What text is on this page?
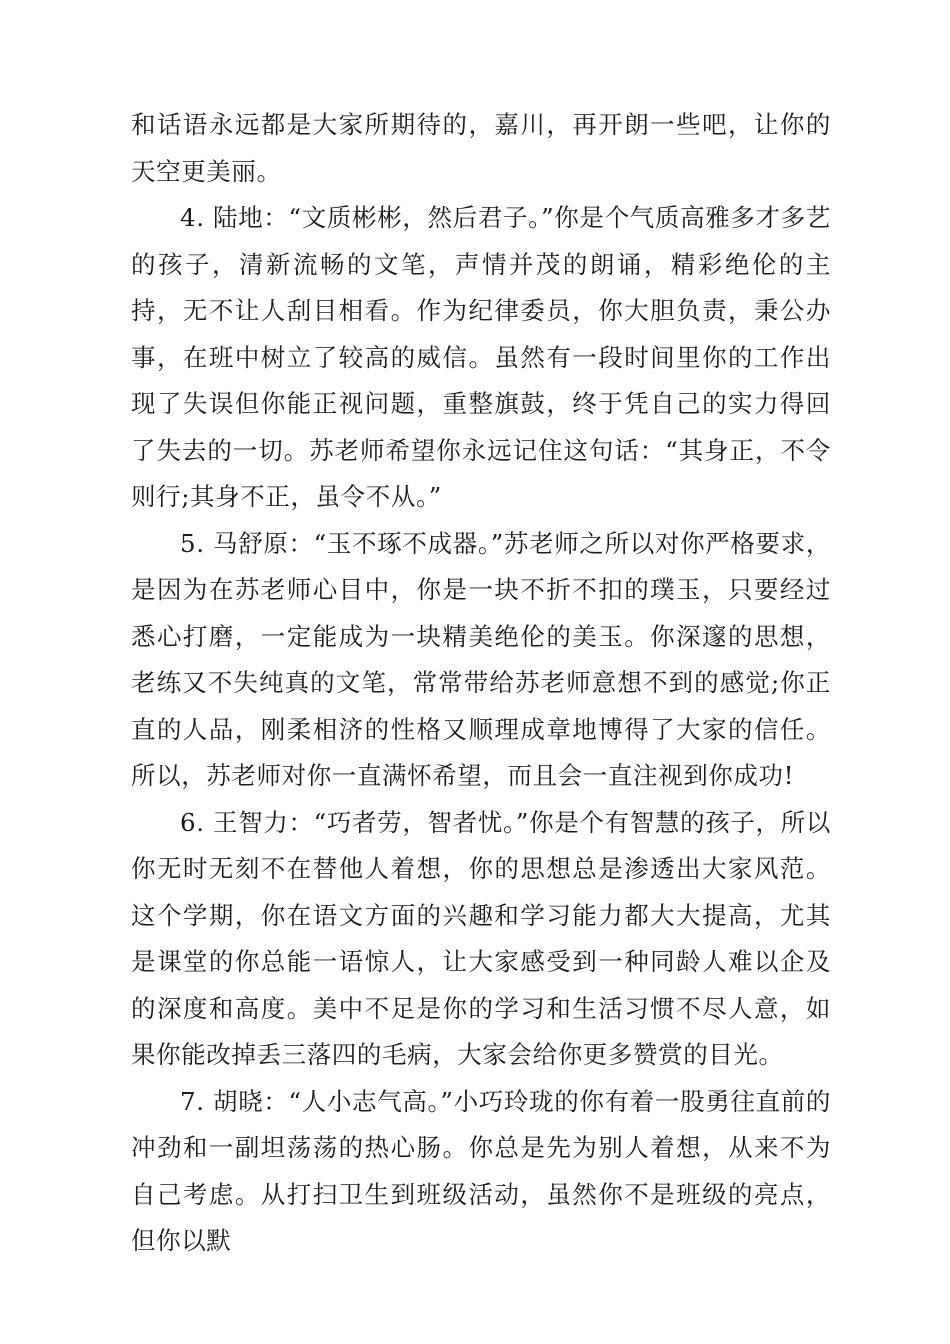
和话语永远都是大家所期待的，嘉川，再开朗一些吧，让你的天空更美丽。

4. 陆地：“文质彬彬，然后君子。”你是个气质高雅多才多艺的孩子，清新流畅的文笔，声情并茂的朗诵，精彩绝伦的主持，无不让人刮目相看。作为纪律委员，你大胆负责，秉公办事，在班中树立了较高的威信。虽然有一段时间里你的工作出现了失误但你能正视问题，重整旗鼓，终于凭自己的实力得回了失去的一切。苏老师希望你永远记住这句话：“其身正，不令则行;其身不正，虽令不从。”

5. 马舒原：“玉不琢不成器。”苏老师之所以对你严格要求，是因为在苏老师心目中，你是一块不折不扣的璞玉，只要经过悉心打磨，一定能成为一块精美绝伦的美玉。你深邃的思想，老练又不失纯真的文笔，常常带给苏老师意想不到的感觉;你正直的人品，刚柔相济的性格又顺理成章地博得了大家的信任。所以，苏老师对你一直满怀希望，而且会一直注视到你成功!

6. 王智力：“巧者劳，智者忧。”你是个有智慧的孩子，所以你无时无刻不在替他人着想，你的思想总是渗透出大家风范。这个学期，你在语文方面的兴趣和学习能力都大大提高，尤其是课堂的你总能一语惊人，让大家感受到一种同龄人难以企及的深度和高度。美中不足是你的学习和生活习惯不尽人意，如果你能改掉丢三落四的毛病，大家会给你更多赞赏的目光。

7. 胡晓：“人小志气高。”小巧玲珑的你有着一股勇往直前的冲劲和一副坦荡荡的热心肠。你总是先为别人着想，从来不为自己考虑。从打扫卫生到班级活动，虽然你不是班级的亮点，但你以默
